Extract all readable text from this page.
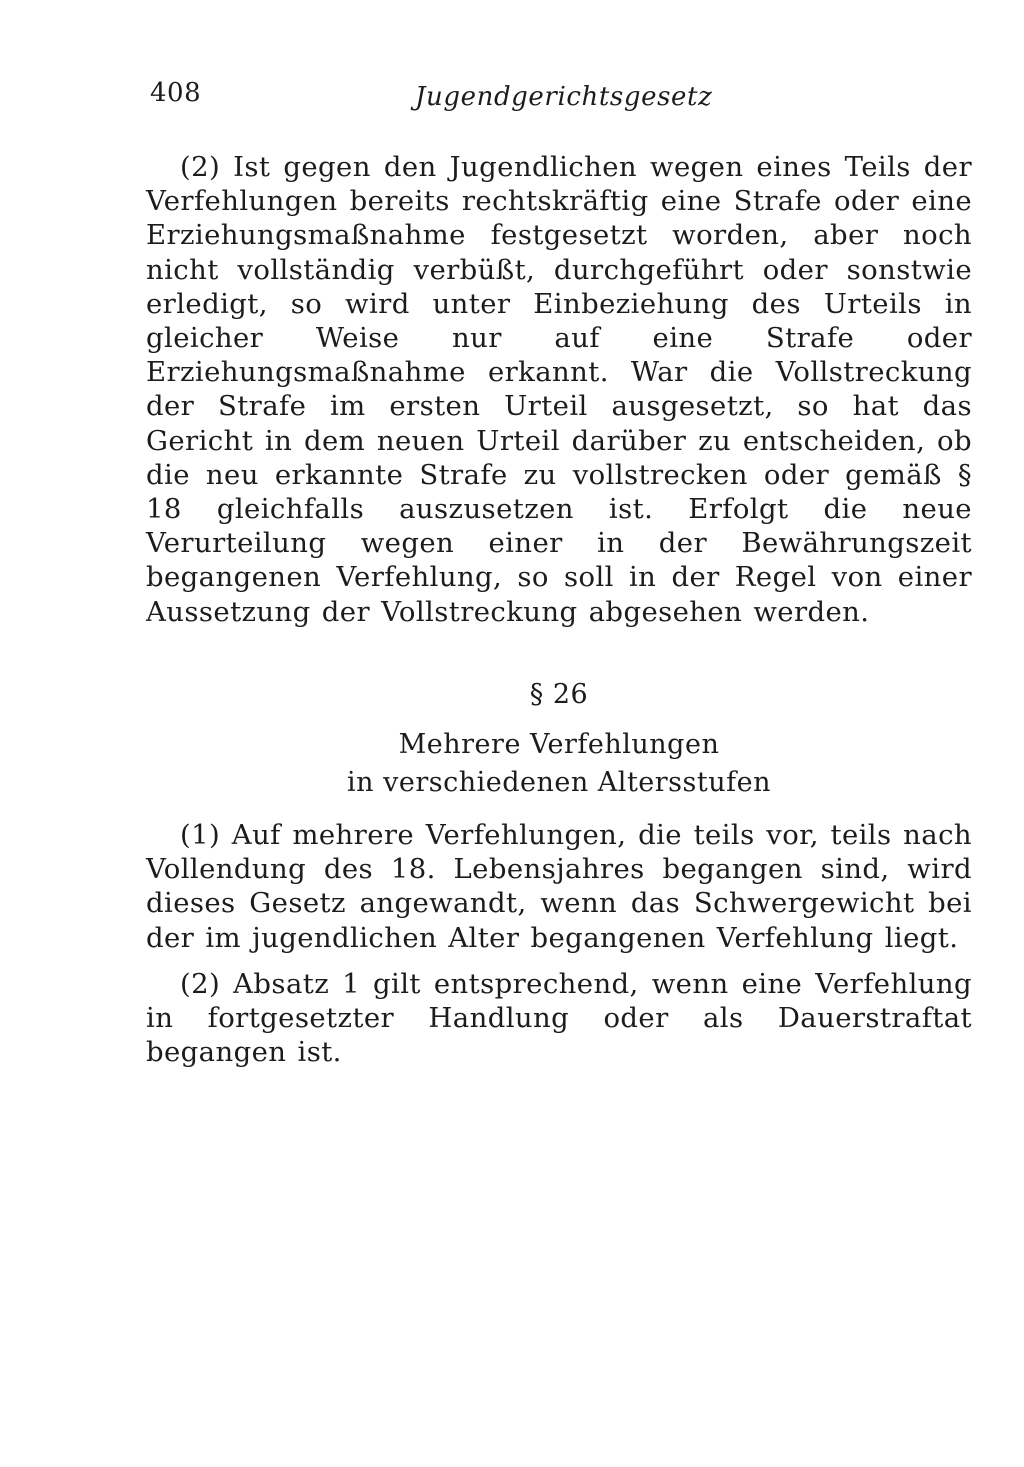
408	Jugendgerichtsgesetz

(2) Ist gegen den Jugendlichen wegen eines Teils der Verfehlungen bereits rechtskräftig eine Strafe oder eine Erziehungsmaßnahme festgesetzt worden, aber noch nicht vollständig verbüßt, durchgeführt oder sonstwie erledigt, so wird unter Einbeziehung des Urteils in gleicher Weise nur auf eine Strafe oder Erziehungsmaßnahme erkannt. War die Vollstreckung der Strafe im ersten Urteil ausgesetzt, so hat das Gericht in dem neuen Urteil darüber zu entscheiden, ob die neu erkannte Strafe zu vollstrecken oder gemäß § 18 gleichfalls auszusetzen ist. Erfolgt die neue Verurteilung wegen einer in der Bewährungszeit begangenen Verfehlung, so soll in der Regel von einer Aussetzung der Vollstreckung abgesehen werden.

§ 26
Mehrere Verfehlungen
in verschiedenen Altersstufen

(1) Auf mehrere Verfehlungen, die teils vor, teils nach Vollendung des 18. Lebensjahres begangen sind, wird dieses Gesetz angewandt, wenn das Schwergewicht bei der im jugendlichen Alter begangenen Verfehlung liegt.

(2) Absatz 1 gilt entsprechend, wenn eine Verfehlung in fortgesetzter Handlung oder als Dauerstraftat begangen ist.
